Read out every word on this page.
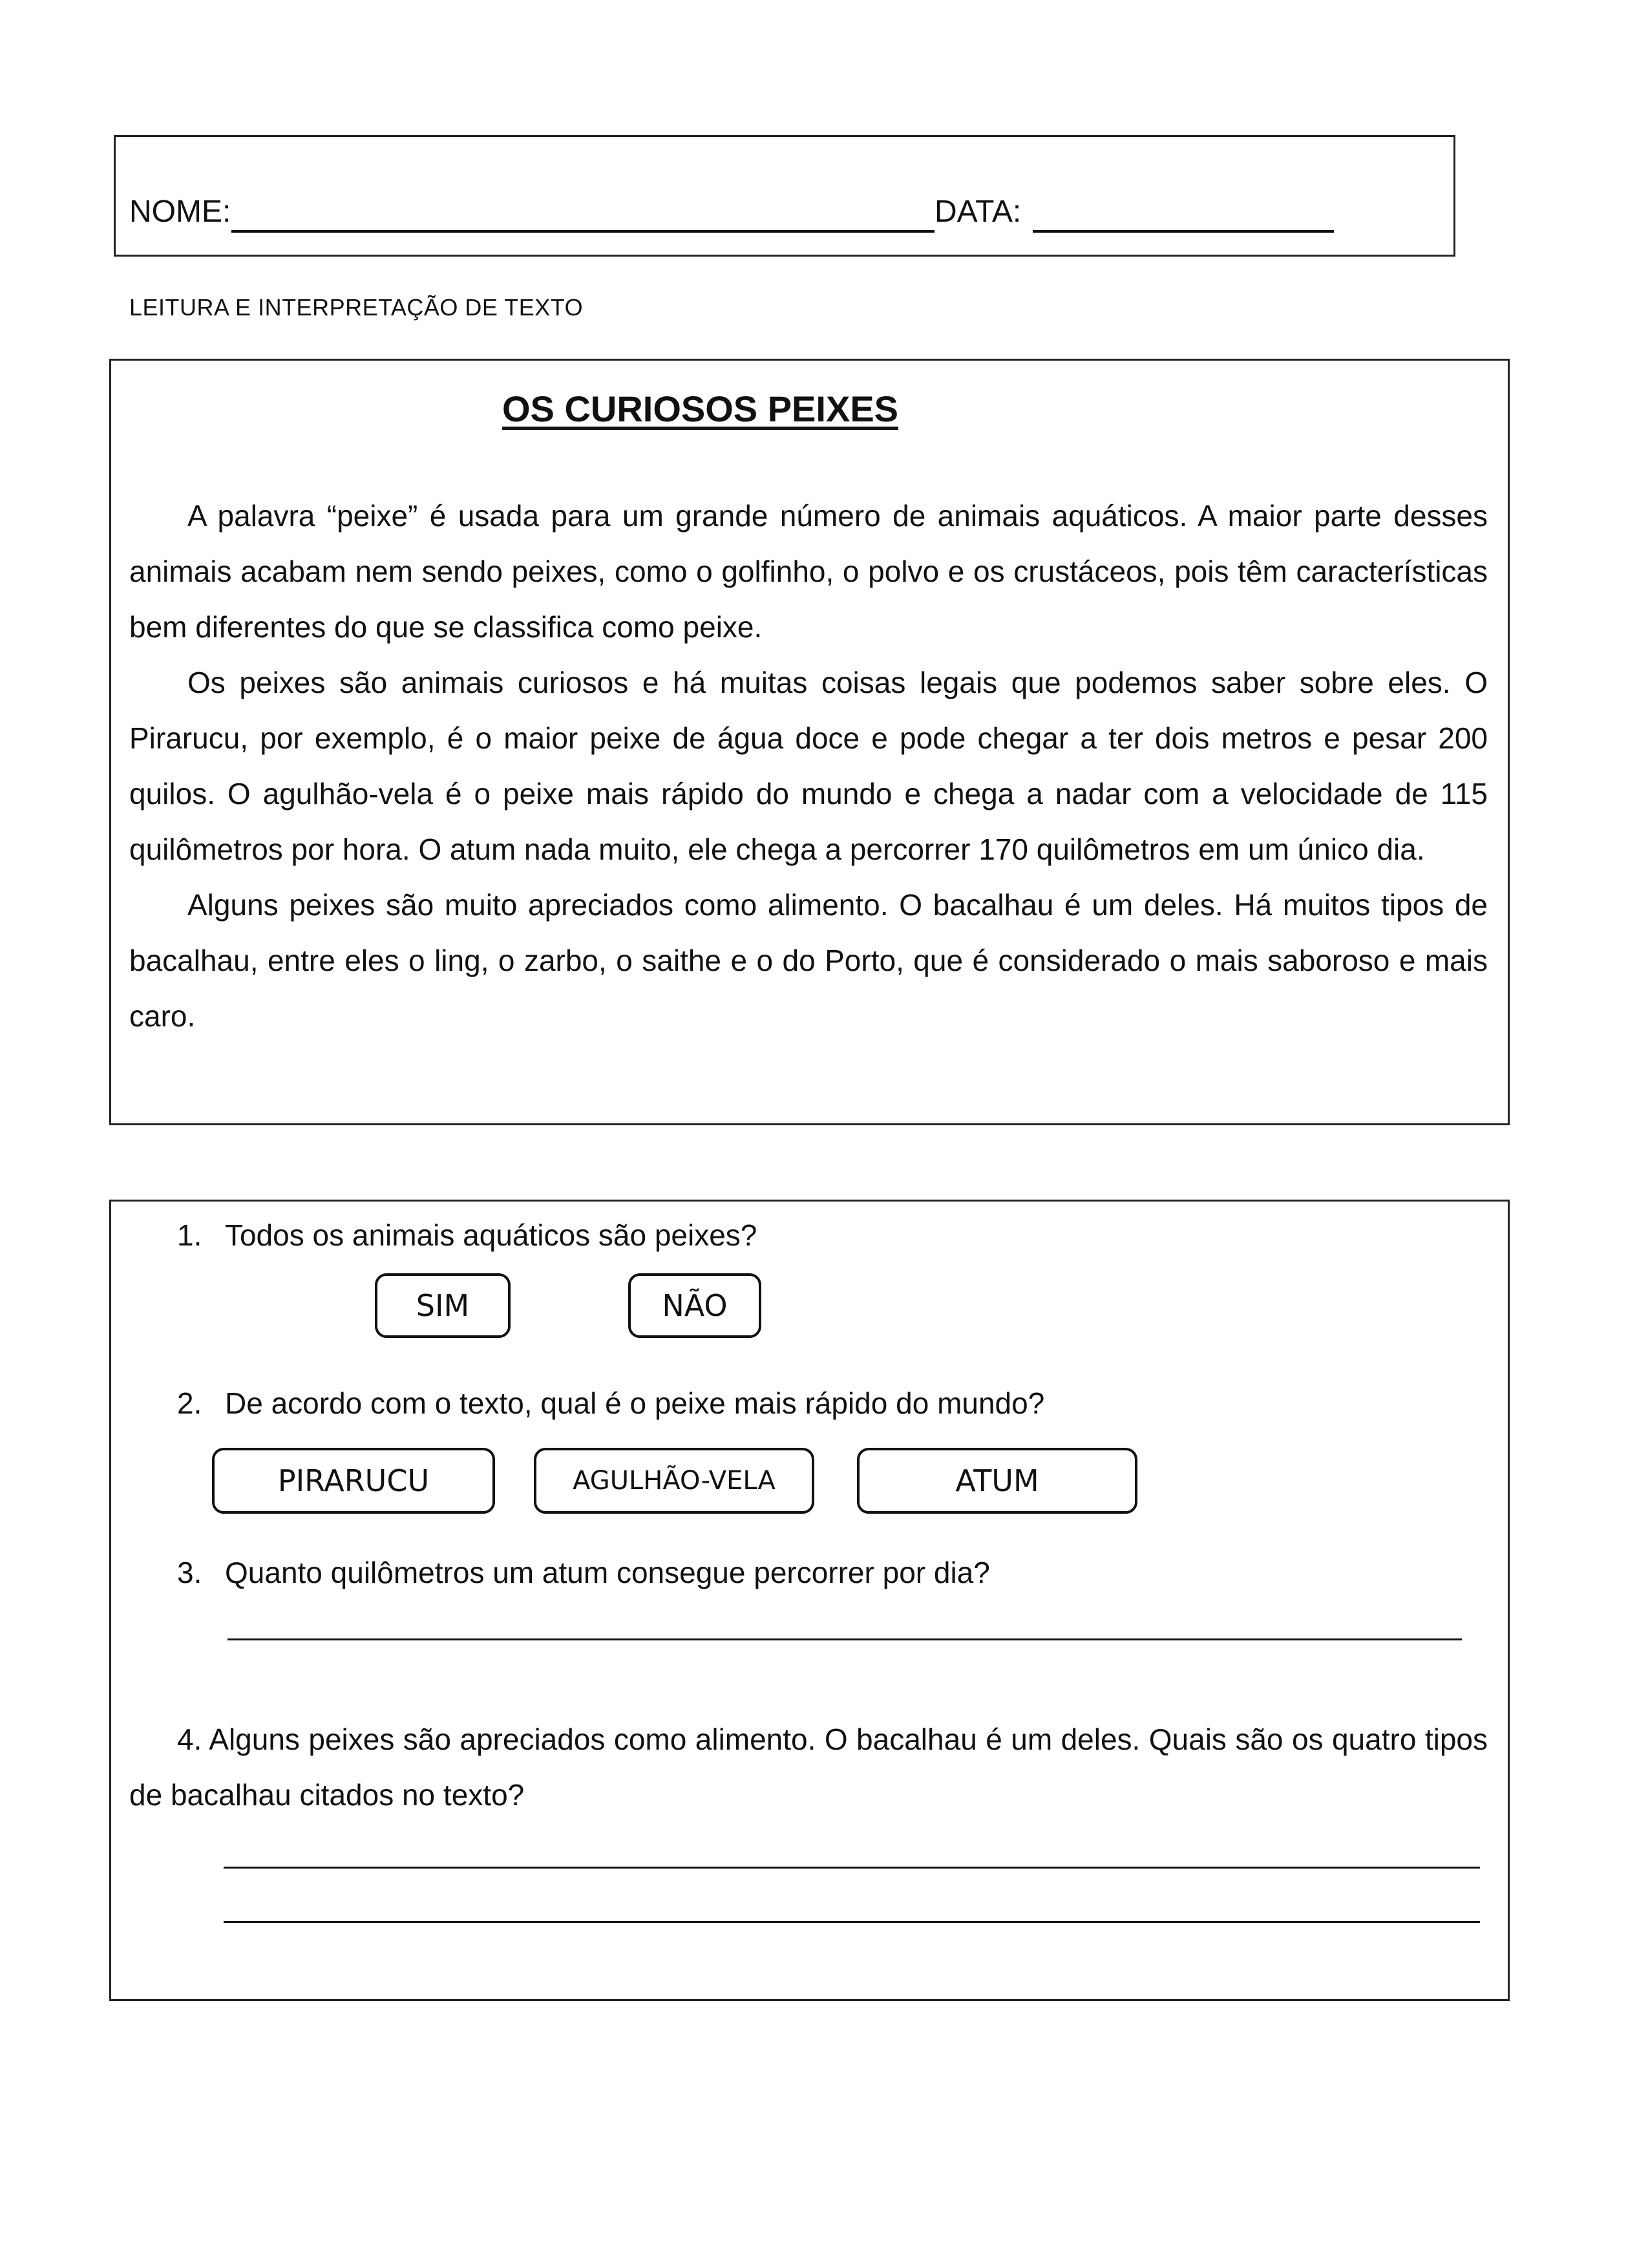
NOME:	DATA:
LEITURA E INTERPRETAÇÃO DE TEXTO
OS CURIOSOS PEIXES

A palavra “peixe” é usada para um grande número de animais aquáticos. A maior parte desses animais acabam nem sendo peixes, como o golfinho, o polvo e os crustáceos, pois têm características bem diferentes do que se classifica como peixe.

Os peixes são animais curiosos e há muitas coisas legais que podemos saber sobre eles. O Pirarucu, por exemplo, é o maior peixe de água doce e pode chegar a ter dois metros e pesar 200 quilos. O agulhão-vela é o peixe mais rápido do mundo e chega a nadar com a velocidade de 115 quilômetros por hora. O atum nada muito, ele chega a percorrer 170 quilômetros em um único dia.

Alguns peixes são muito apreciados como alimento. O bacalhau é um deles. Há muitos tipos de bacalhau, entre eles o ling, o zarbo, o saithe e o do Porto, que é considerado o mais saboroso e mais caro.

1. Todos os animais aquáticos são peixes?
SIM	NÃO
2. De acordo com o texto, qual é o peixe mais rápido do mundo?
PIRARUCU	AGULHÃO-VELA	ATUM
3. Quanto quilômetros um atum consegue percorrer por dia?

4. Alguns peixes são apreciados como alimento. O bacalhau é um deles. Quais são os quatro tipos de bacalhau citados no texto?
